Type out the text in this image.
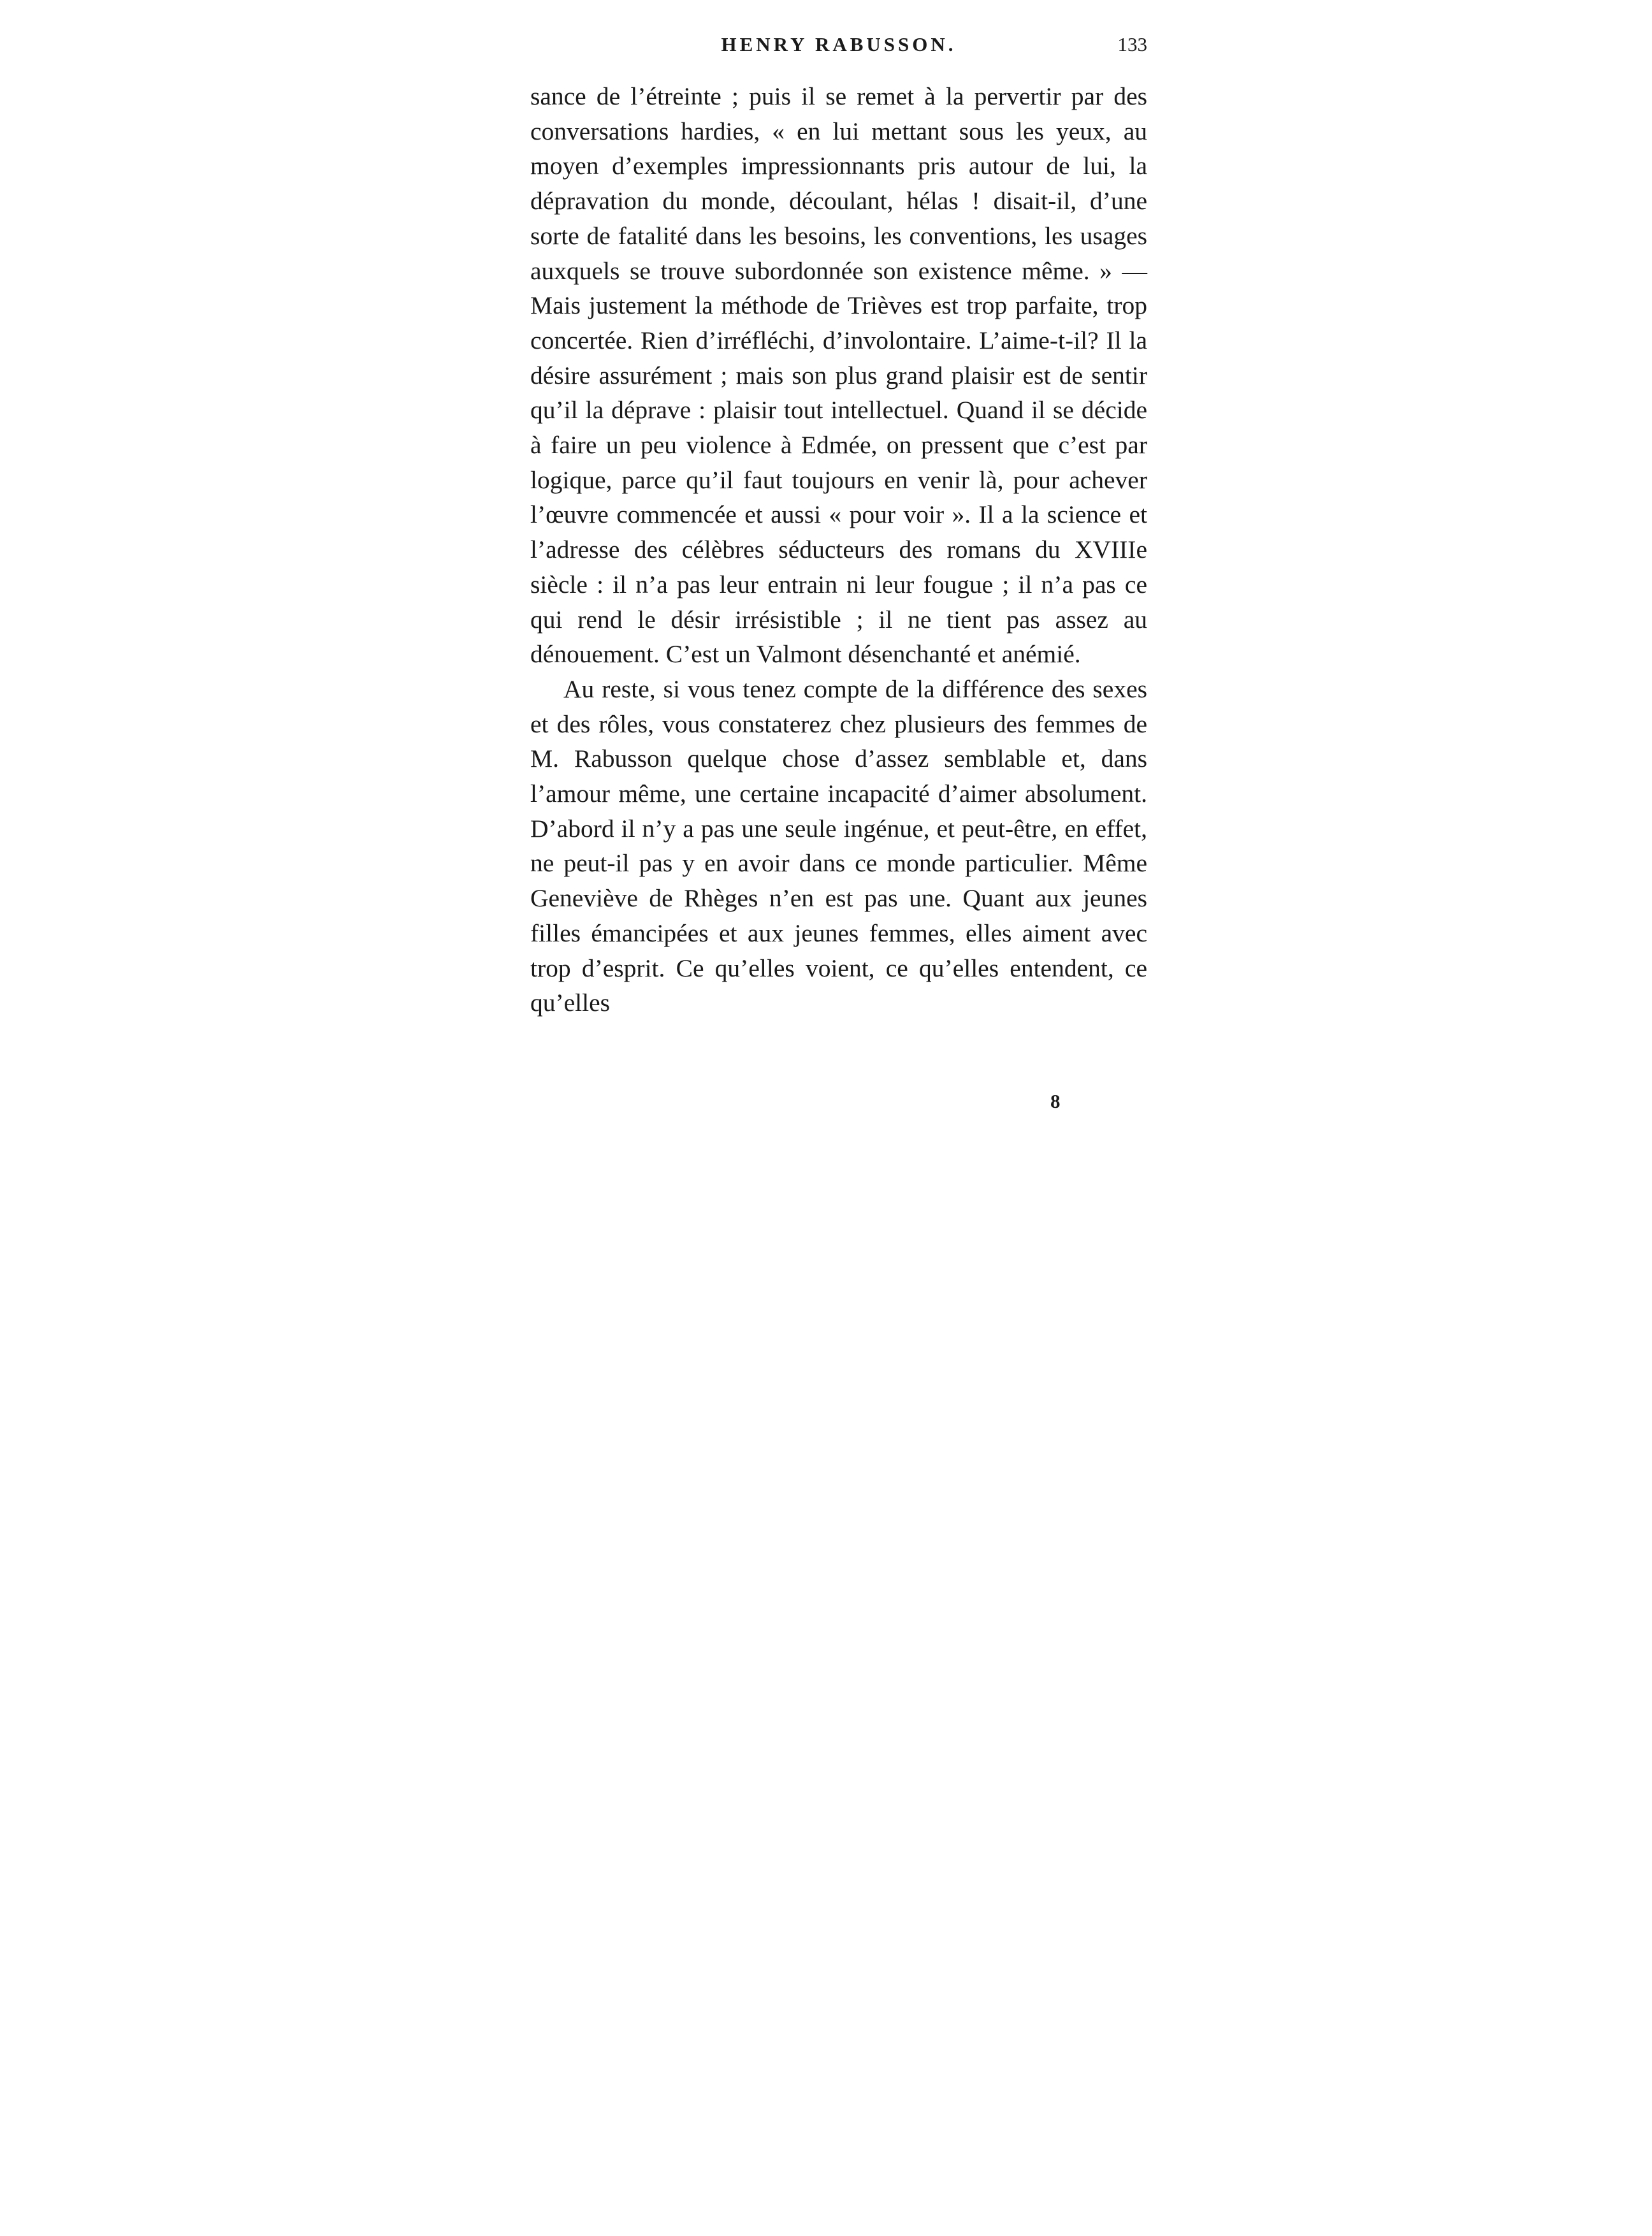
HENRY RABUSSON.	133

sance de l’étreinte ; puis il se remet à la pervertir par des conversations hardies, « en lui mettant sous les yeux, au moyen d’exemples impressionnants pris autour de lui, la dépravation du monde, découlant, hélas ! disait-il, d’une sorte de fatalité dans les besoins, les conventions, les usages auxquels se trouve subordonnée son existence même. » — Mais justement la méthode de Trièves est trop parfaite, trop concertée. Rien d’irréfléchi, d’involontaire. L’aime-t-il? Il la désire assurément ; mais son plus grand plaisir est de sentir qu’il la déprave : plaisir tout intellectuel. Quand il se décide à faire un peu violence à Edmée, on pressent que c’est par logique, parce qu’il faut toujours en venir là, pour achever l’œuvre commencée et aussi « pour voir ». Il a la science et l’adresse des célèbres séducteurs des romans du XVIIIe siècle : il n’a pas leur entrain ni leur fougue ; il n’a pas ce qui rend le désir irrésistible ; il ne tient pas assez au dénouement. C’est un Valmont désenchanté et anémié.

Au reste, si vous tenez compte de la différence des sexes et des rôles, vous constaterez chez plusieurs des femmes de M. Rabusson quelque chose d’assez semblable et, dans l’amour même, une certaine incapacité d’aimer absolument. D’abord il n’y a pas une seule ingénue, et peut-être, en effet, ne peut-il pas y en avoir dans ce monde particulier. Même Geneviève de Rhèges n’en est pas une. Quant aux jeunes filles émancipées et aux jeunes femmes, elles aiment avec trop d’esprit. Ce qu’elles voient, ce qu’elles entendent, ce qu’elles

8
